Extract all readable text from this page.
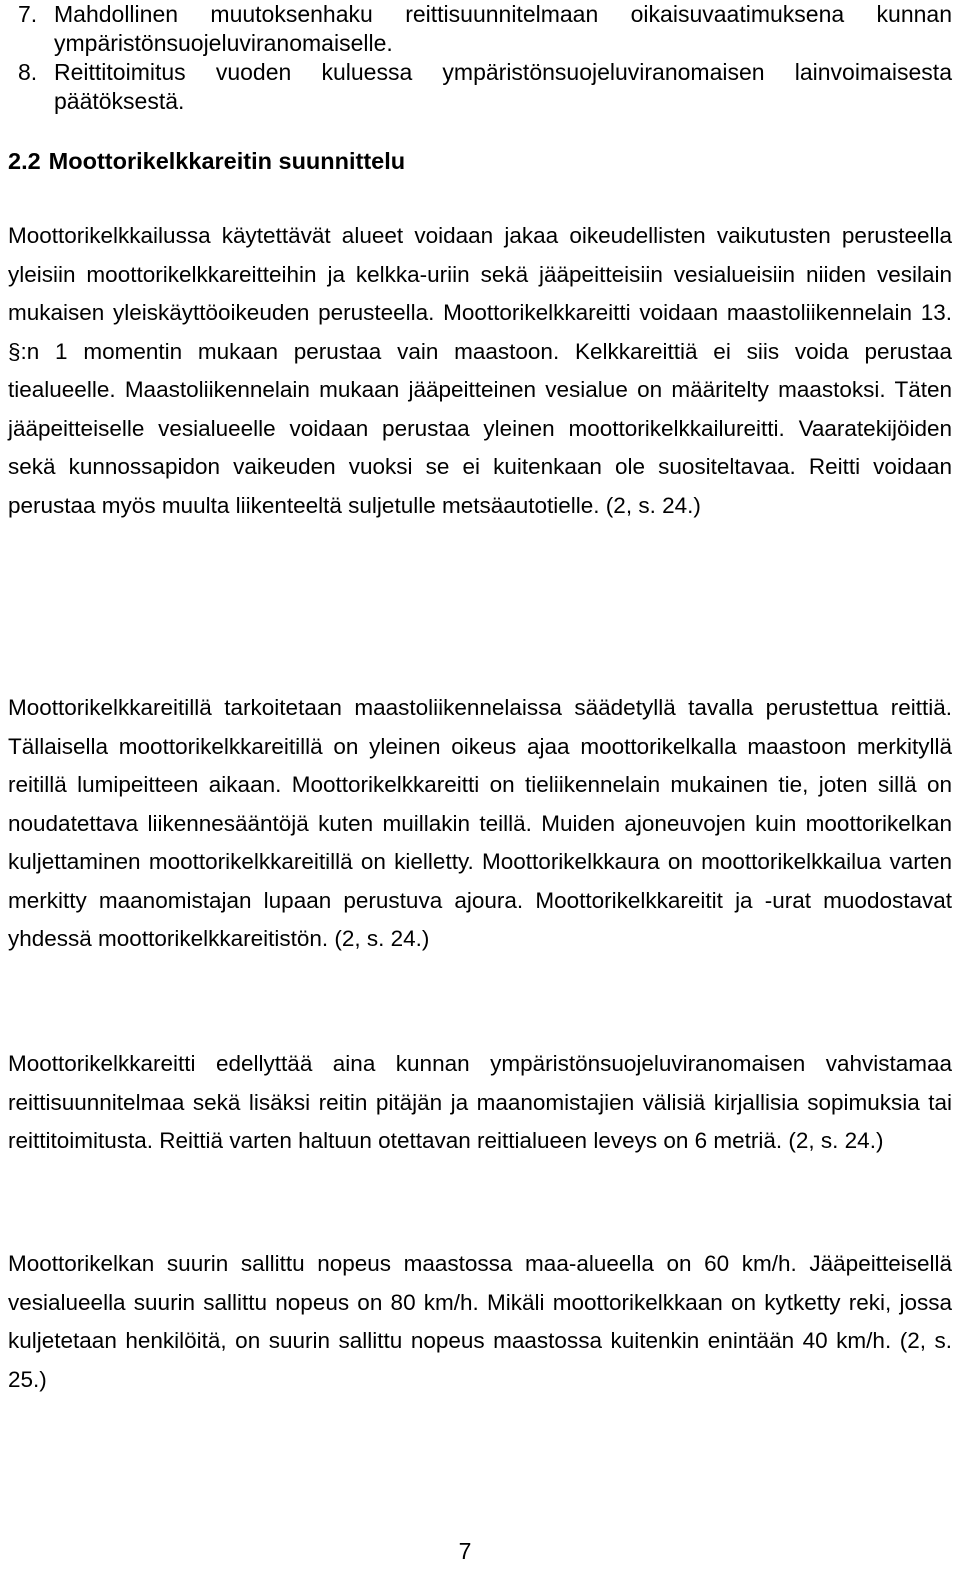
7. Mahdollinen muutoksenhaku reittisuunnitelmaan oikaisuvaatimuksena kunnan ympäristönsuojeluviranomaiselle.
8. Reittitoimitus vuoden kuluessa ympäristönsuojeluviranomaisen lainvoimaisesta päätöksestä.
2.2 Moottorikelkkareitin suunnittelu

Moottorikelkkailussa käytettävät alueet voidaan jakaa oikeudellisten vaikutusten perusteella yleisiin moottorikelkkareitteihin ja kelkka-uriin sekä jääpeitteisiin vesialueisiin niiden vesilain mukaisen yleiskäyttöoikeuden perusteella. Moottorikelkkareitti voidaan maastoliikennelain 13. §:n 1 momentin mukaan perustaa vain maastoon. Kelkkareittiä ei siis voida perustaa tiealueelle. Maastoliikennelain mukaan jääpeitteinen vesialue on määritelty maastoksi. Täten jääpeitteiselle vesialueelle voidaan perustaa yleinen moottorikelkkailureitti. Vaaratekijöiden sekä kunnossapidon vaikeuden vuoksi se ei kuitenkaan ole suositeltavaa. Reitti voidaan perustaa myös muulta liikenteeltä suljetulle metsäautotielle. (2, s. 24.)

Moottorikelkkareitillä tarkoitetaan maastoliikennelaissa säädetyllä tavalla perustettua reittiä. Tällaisella moottorikelkkareitillä on yleinen oikeus ajaa moottorikelkalla maastoon merkityllä reitillä lumipeitteen aikaan. Moottorikelkkareitti on tieliikennelain mukainen tie, joten sillä on noudatettava liikennesääntöjä kuten muillakin teillä. Muiden ajoneuvojen kuin moottorikelkan kuljettaminen moottorikelkkareitillä on kielletty. Moottorikelkkaura on moottorikelkkailua varten merkitty maanomistajan lupaan perustuva ajoura. Moottorikelkkareitit ja -urat muodostavat yhdessä moottorikelkkareitistön. (2, s. 24.)

Moottorikelkkareitti edellyttää aina kunnan ympäristönsuojeluviranomaisen vahvistamaa reittisuunnitelmaa sekä lisäksi reitin pitäjän ja maanomistajien välisiä kirjallisia sopimuksia tai reittitoimitusta. Reittiä varten haltuun otettavan reittialueen leveys on 6 metriä. (2, s. 24.)

Moottorikelkan suurin sallittu nopeus maastossa maa-alueella on 60 km/h. Jääpeitteisellä vesialueella suurin sallittu nopeus on 80 km/h. Mikäli moottorikelkkaan on kytketty reki, jossa kuljetetaan henkilöitä, on suurin sallittu nopeus maastossa kuitenkin enintään 40 km/h. (2, s. 25.)

7
